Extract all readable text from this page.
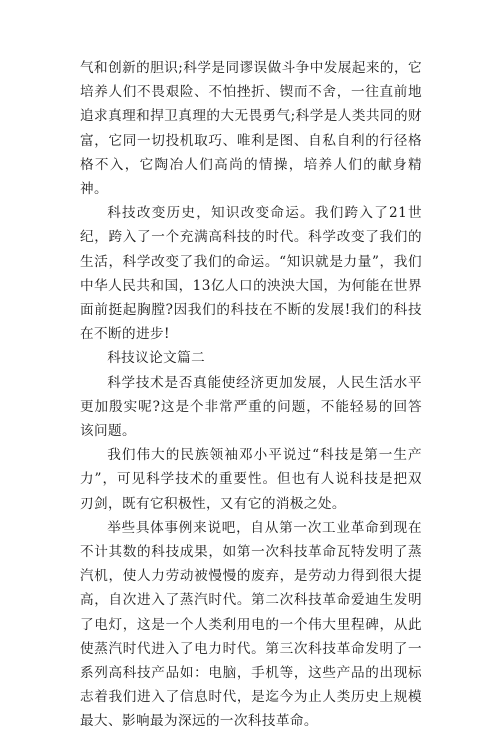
气和创新的胆识;科学是同谬误做斗争中发展起来的，它培养人们不畏艰险、不怕挫折、锲而不舍，一往直前地追求真理和捍卫真理的大无畏勇气;科学是人类共同的财富，它同一切投机取巧、唯利是图、自私自利的行径格格不入，它陶冶人们高尚的情操，培养人们的献身精神。

科技改变历史，知识改变命运。我们跨入了21世纪，跨入了一个充满高科技的时代。科学改变了我们的生活，科学改变了我们的命运。“知识就是力量”，我们中华人民共和国，13亿人口的泱泱大国，为何能在世界面前挺起胸膛?因我们的科技在不断的发展!我们的科技在不断的进步!

科技议论文篇二

科学技术是否真能使经济更加发展，人民生活水平更加殷实呢?这是个非常严重的问题，不能轻易的回答该问题。

我们伟大的民族领袖邓小平说过“科技是第一生产力”，可见科学技术的重要性。但也有人说科技是把双刃剑，既有它积极性，又有它的消极之处。

举些具体事例来说吧，自从第一次工业革命到现在不计其数的科技成果，如第一次科技革命瓦特发明了蒸汽机，使人力劳动被慢慢的废弃，是劳动力得到很大提高，自次进入了蒸汽时代。第二次科技革命爱迪生发明了电灯，这是一个人类利用电的一个伟大里程碑，从此使蒸汽时代进入了电力时代。第三次科技革命发明了一系列高科技产品如：电脑，手机等，这些产品的出现标志着我们进入了信息时代，是迄今为止人类历史上规模最大、影响最为深远的一次科技革命。
